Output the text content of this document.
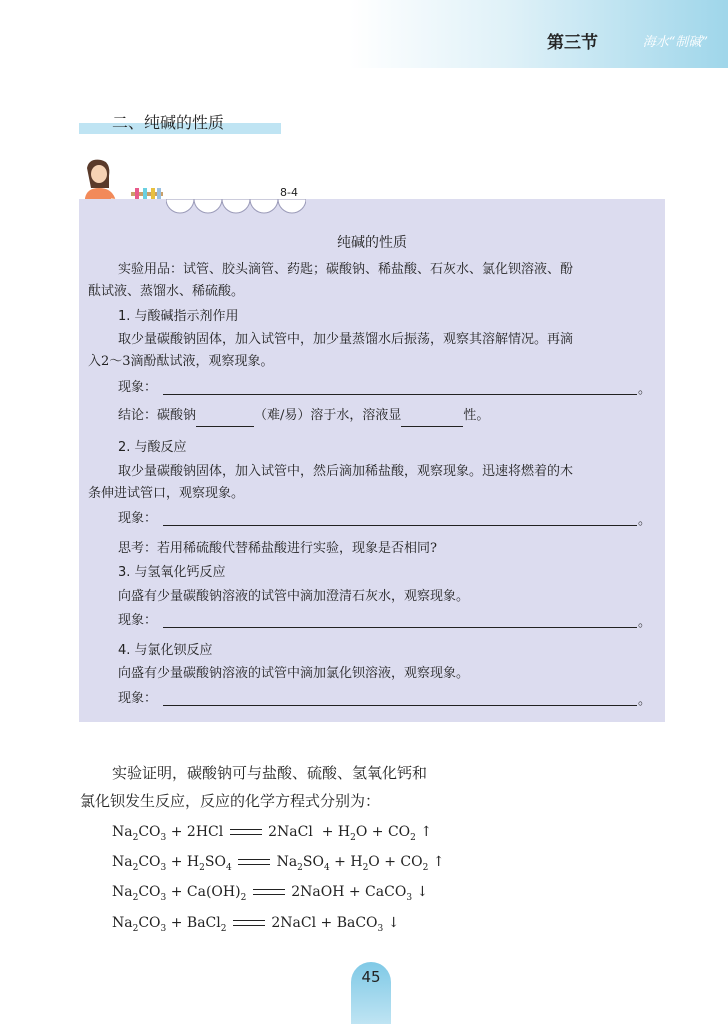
第三节	海水“制碱”
二、纯碱的性质
8-4
纯碱的性质
实验用品：试管、胶头滴管、药匙；碳酸钠、稀盐酸、石灰水、氯化钡溶液、酚
酞试液、蒸馏水、稀硫酸。
1. 与酸碱指示剂作用
取少量碳酸钠固体，加入试管中，加少量蒸馏水后振荡，观察其溶解情况。再滴
入2～3滴酚酞试液，观察现象。
现象：	。
结论：碳酸钠	（难/易）溶于水，溶液显	性。
2. 与酸反应
取少量碳酸钠固体，加入试管中，然后滴加稀盐酸，观察现象。迅速将燃着的木
条伸进试管口，观察现象。
现象：	。
思考：若用稀硫酸代替稀盐酸进行实验，现象是否相同?
3. 与氢氧化钙反应
向盛有少量碳酸钠溶液的试管中滴加澄清石灰水，观察现象。
现象：	。
4. 与氯化钡反应
向盛有少量碳酸钠溶液的试管中滴加氯化钡溶液，观察现象。
现象：	。
实验证明，碳酸钠可与盐酸、硫酸、氢氧化钙和
氯化钡发生反应，反应的化学方程式分别为：
$Na_2CO_3 + 2HCl$	2NaCl  + $H_2O + CO_2$ ↑
$Na_2CO_3 + H_2SO_4$	$Na_2SO_4 + H_2O + CO_2$ ↑
$Na_2CO_3 + Ca(OH)_2$	2NaOH + CaCO$_3$ ↓
$Na_2CO_3$ + BaCl$_2$	2NaCl + BaCO$_3$ ↓
45
